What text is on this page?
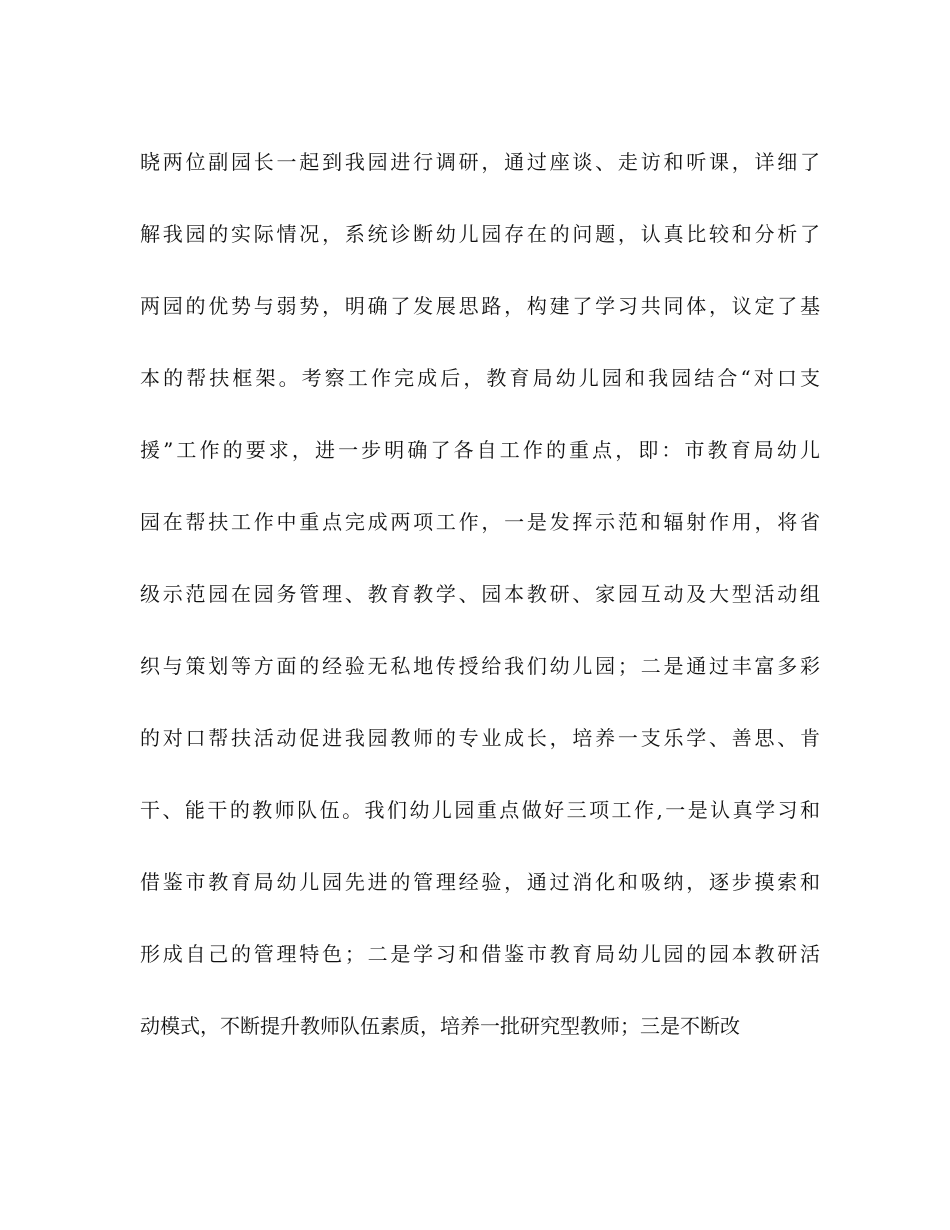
晓两位副园长一起到我园进行调研，通过座谈、走访和听课，详细了
解我园的实际情况，系统诊断幼儿园存在的问题，认真比较和分析了
两园的优势与弱势，明确了发展思路，构建了学习共同体，议定了基
本的帮扶框架。考察工作完成后，教育局幼儿园和我园结合“对口支
援”工作的要求，进一步明确了各自工作的重点，即：市教育局幼儿
园在帮扶工作中重点完成两项工作，一是发挥示范和辐射作用，将省
级示范园在园务管理、教育教学、园本教研、家园互动及大型活动组
织与策划等方面的经验无私地传授给我们幼儿园；二是通过丰富多彩
的对口帮扶活动促进我园教师的专业成长，培养一支乐学、善思、肯
干、能干的教师队伍。我们幼儿园重点做好三项工作,一是认真学习和
借鉴市教育局幼儿园先进的管理经验，通过消化和吸纳，逐步摸索和
形成自己的管理特色；二是学习和借鉴市教育局幼儿园的园本教研活
动模式，不断提升教师队伍素质，培养一批研究型教师；三是不断改
